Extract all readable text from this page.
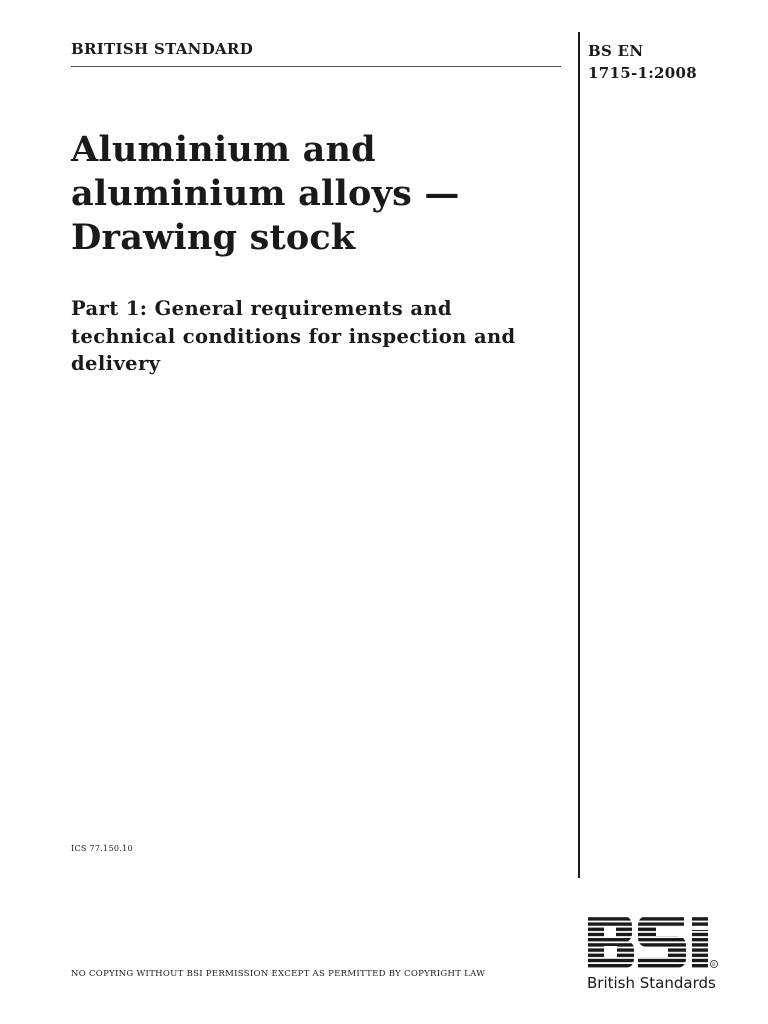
BRITISH STANDARD	BS EN
1715-1:2008
Aluminium and
aluminium alloys —
Drawing stock
Part 1: General requirements and
technical conditions for inspection and
delivery
ICS 77.150.10
NO COPYING WITHOUT BSI PERMISSION EXCEPT AS PERMITTED BY COPYRIGHT LAW
R
British Standards
